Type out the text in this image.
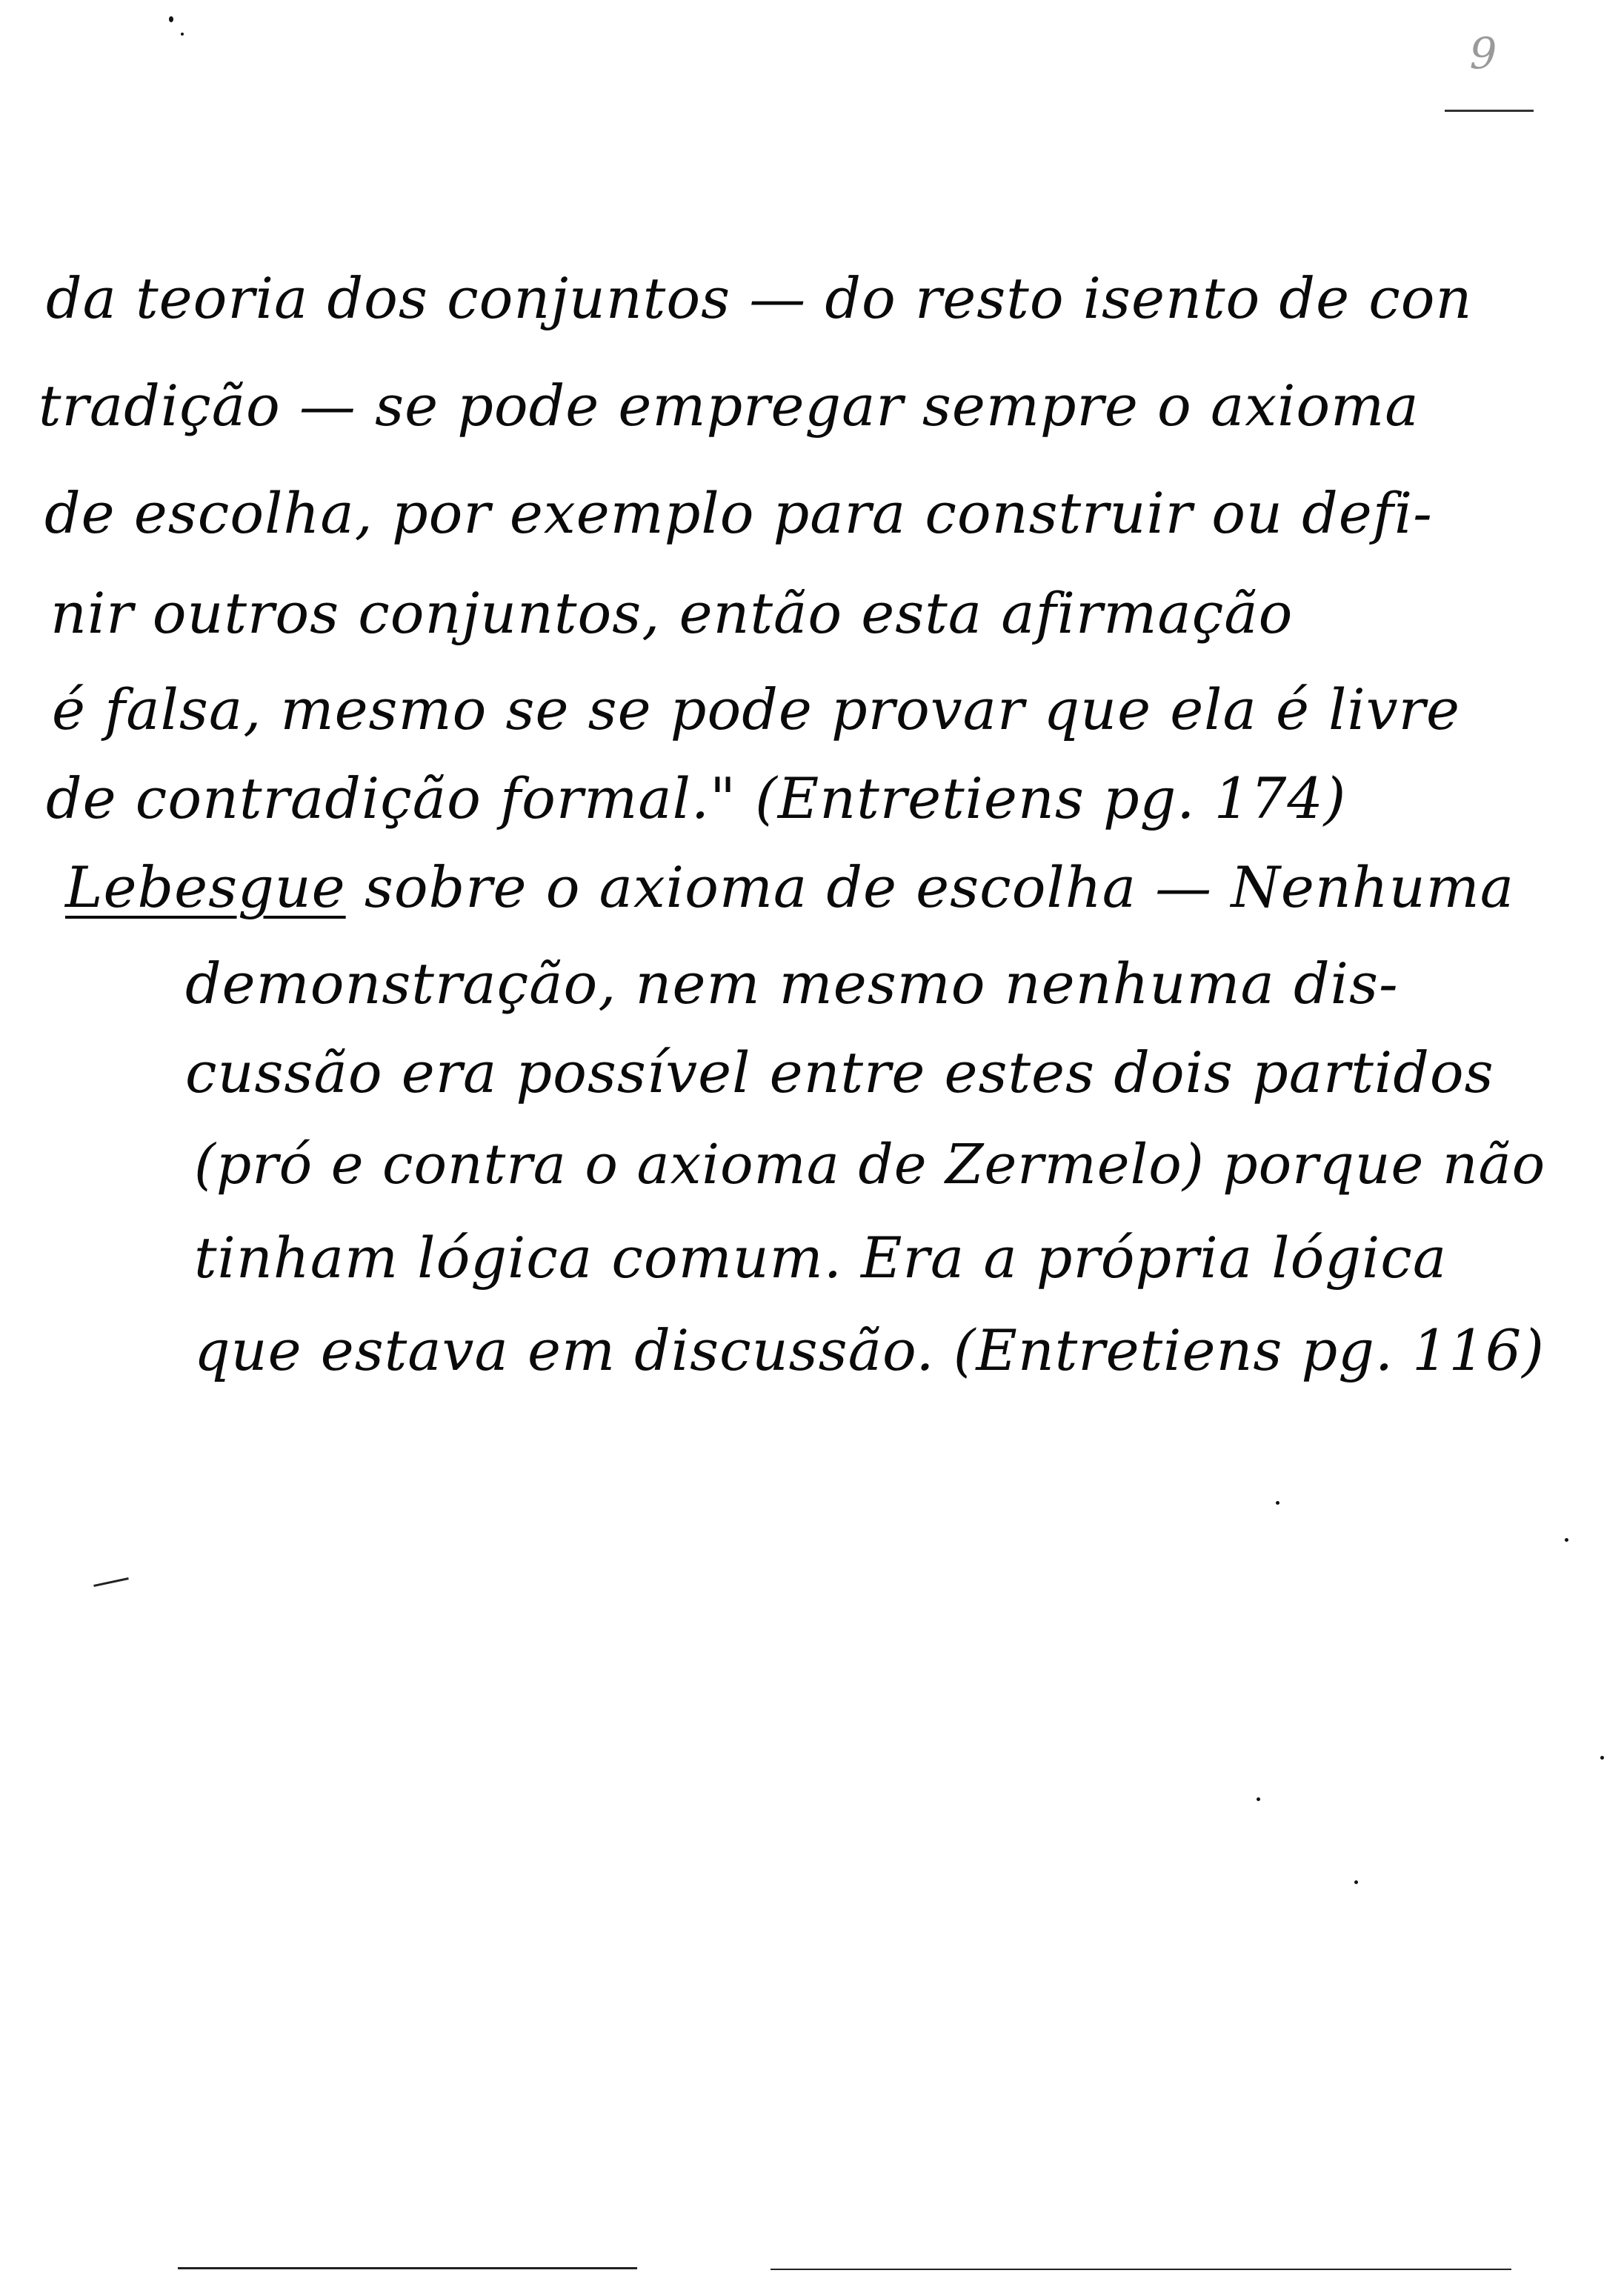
9
da teoria dos conjuntos — do resto isento de con
tradição — se pode empregar sempre o axioma
de escolha, por exemplo para construir ou defi-
nir outros conjuntos, então esta afirmação
é falsa, mesmo se se pode provar que ela é livre
de contradição formal." (Entretiens pg. 174)
Lebesgue sobre o axioma de escolha — Nenhuma
demonstração, nem mesmo nenhuma dis-
cussão era possível entre estes dois partidos
(pró e contra o axioma de Zermelo) porque não
tinham lógica comum. Era a própria lógica
que estava em discussão. (Entretiens pg. 116)
